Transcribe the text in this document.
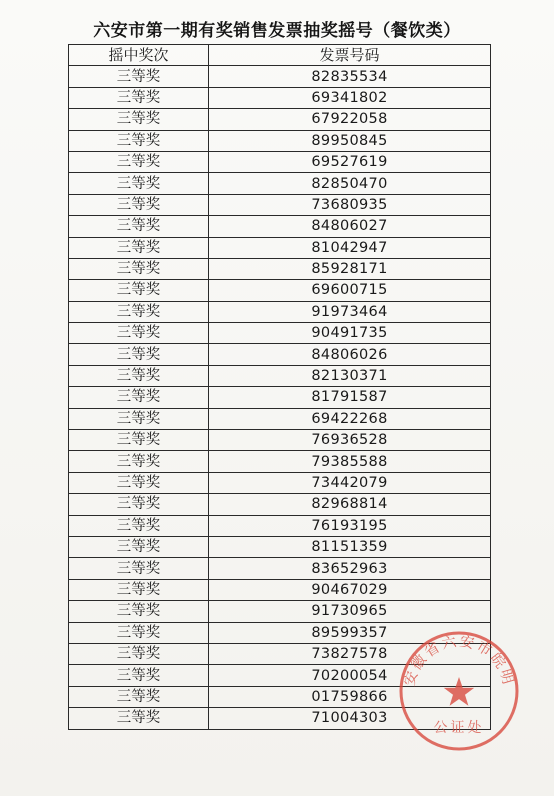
六安市第一期有奖销售发票抽奖摇号（餐饮类）
摇中奖次	发票号码
三等奖	82835534
三等奖	69341802
三等奖	67922058
三等奖	89950845
三等奖	69527619
三等奖	82850470
三等奖	73680935
三等奖	84806027
三等奖	81042947
三等奖	85928171
三等奖	69600715
三等奖	91973464
三等奖	90491735
三等奖	84806026
三等奖	82130371
三等奖	81791587
三等奖	69422268
三等奖	76936528
三等奖	79385588
三等奖	73442079
三等奖	82968814
三等奖	76193195
三等奖	81151359
三等奖	83652963
三等奖	90467029
三等奖	91730965
三等奖	89599357
三等奖	73827578
三等奖	70200054
三等奖	01759866
三等奖	71004303
安徽省六安市皖明
公证处
